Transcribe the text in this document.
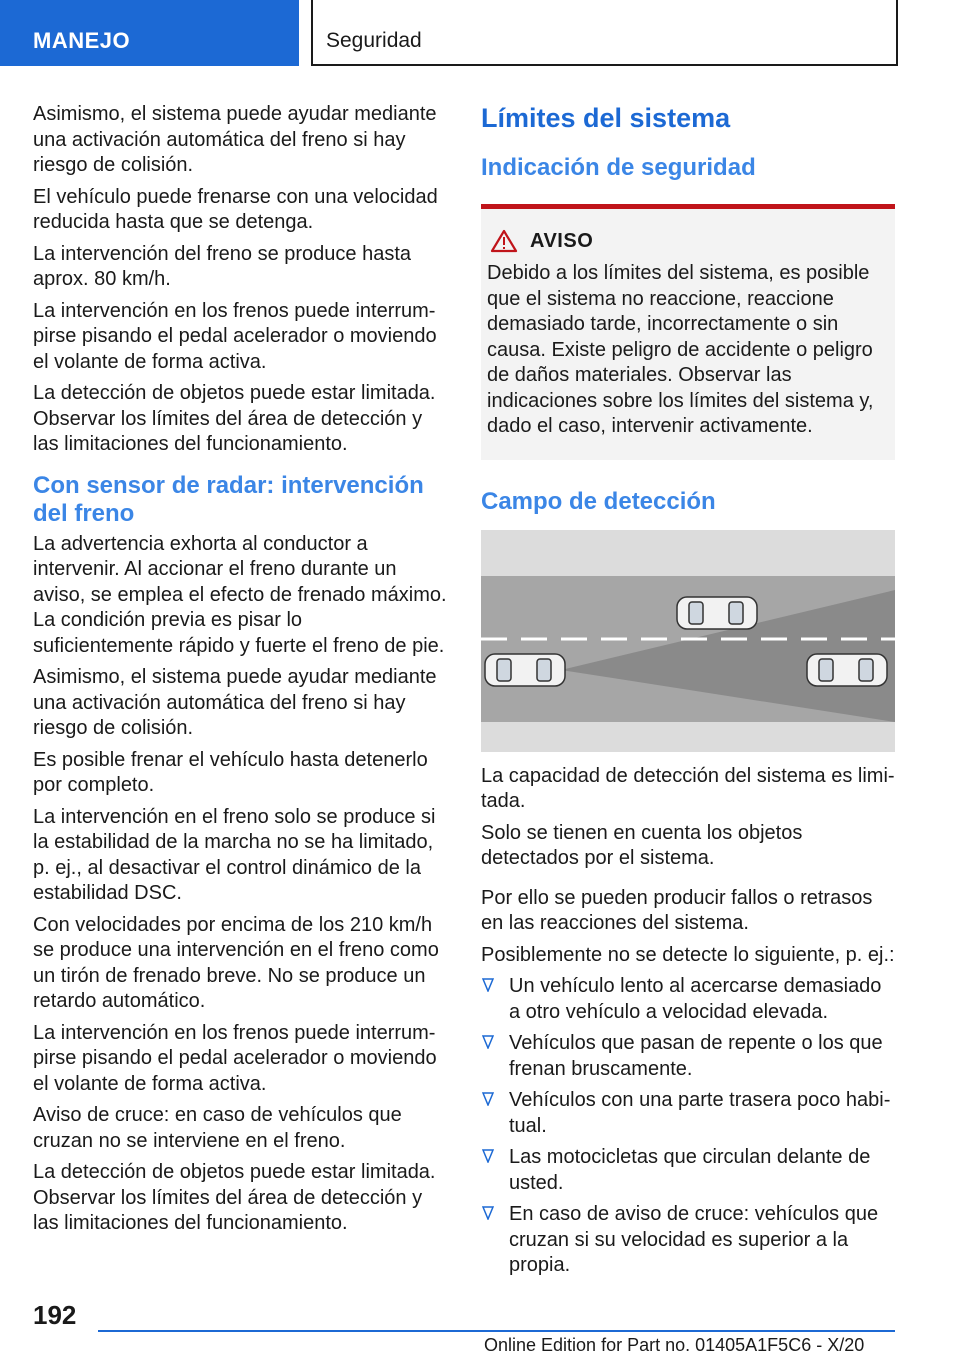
MANEJO	Seguridad

Asimismo, el sistema puede ayudar mediante una activación automática del freno si hay riesgo de colisión.

El vehículo puede frenarse con una velocidad reducida hasta que se detenga.

La intervención del freno se produce hasta aprox. 80 km/h.

La intervención en los frenos puede interrumpirse pisando el pedal acelerador o moviendo el volante de forma activa.

La detección de objetos puede estar limitada. Observar los límites del área de detección y las limitaciones del funcionamiento.

Con sensor de radar: intervención del freno

La advertencia exhorta al conductor a intervenir. Al accionar el freno durante un aviso, se emplea el efecto de frenado máximo. La condición previa es pisar lo suficientemente rápido y fuerte el freno de pie.

Asimismo, el sistema puede ayudar mediante una activación automática del freno si hay riesgo de colisión.

Es posible frenar el vehículo hasta detenerlo por completo.

La intervención en el freno solo se produce si la estabilidad de la marcha no se ha limitado, p. ej., al desactivar el control dinámico de la estabilidad DSC.

Con velocidades por encima de los 210 km/h se produce una intervención en el freno como un tirón de frenado breve. No se produce un retardo automático.

La intervención en los frenos puede interrumpirse pisando el pedal acelerador o moviendo el volante de forma activa.

Aviso de cruce: en caso de vehículos que cruzan no se interviene en el freno.

La detección de objetos puede estar limitada. Observar los límites del área de detección y las limitaciones del funcionamiento.

Límites del sistema
Indicación de seguridad
AVISO

Debido a los límites del sistema, es posible que el sistema no reaccione, reaccione demasiado tarde, incorrectamente o sin causa. Existe peligro de accidente o peligro de daños materiales. Observar las indicaciones sobre los límites del sistema y, dado el caso, intervenir activamente.

Campo de detección

La capacidad de detección del sistema es limitada.

Solo se tienen en cuenta los objetos detectados por el sistema.

Por ello se pueden producir fallos o retrasos en las reacciones del sistema.

Posiblemente no se detecte lo siguiente, p. ej.:

Un vehículo lento al acercarse demasiado a otro vehículo a velocidad elevada.
Vehículos que pasan de repente o los que frenan bruscamente.
Vehículos con una parte trasera poco habitual.
Las motocicletas que circulan delante de usted.
En caso de aviso de cruce: vehículos que cruzan si su velocidad es superior a la propia.
192
Online Edition for Part no. 01405A1F5C6 - X/20
